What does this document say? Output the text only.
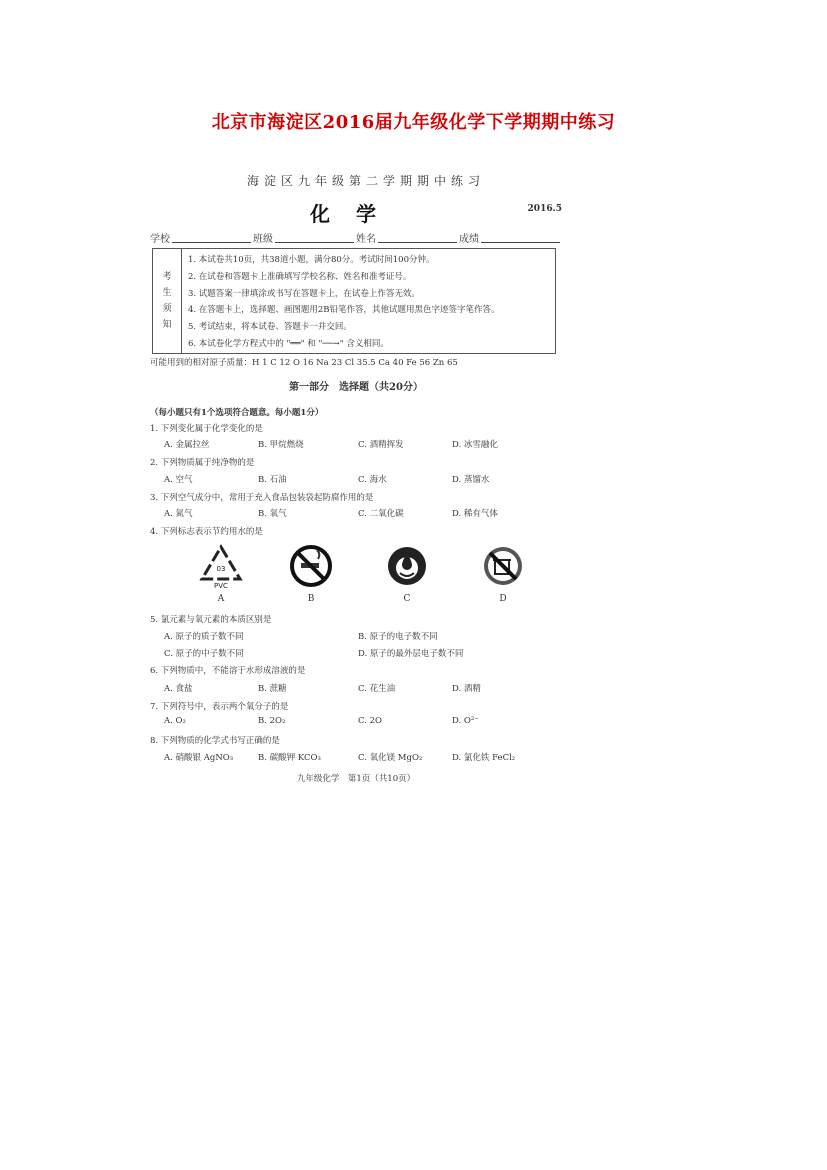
北京市海淀区2016届九年级化学下学期期中练习
海淀区九年级第二学期期中练习
化学	2016.5
学校	班级	姓名	成绩
考
生
须
知
1. 本试卷共10页，共38道小题，满分80分。考试时间100分钟。
2. 在试卷和答题卡上准确填写学校名称、姓名和准考证号。
3. 试题答案一律填涂或书写在答题卡上，在试卷上作答无效。
4. 在答题卡上，选择题、画图题用2B铅笔作答，其他试题用黑色字迹签字笔作答。
5. 考试结束，将本试卷、答题卡一并交回。
6. 本试卷化学方程式中的 "══" 和 "──→" 含义相同。
可能用到的相对原子质量：H 1 C 12 O 16 Na 23 Cl 35.5 Ca 40 Fe 56 Zn 65
第一部分　选择题（共20分）
（每小题只有1个选项符合题意。每小题1分）
1. 下列变化属于化学变化的是
A. 金属拉丝	B. 甲烷燃烧	C. 酒精挥发	D. 冰雪融化
2. 下列物质属于纯净物的是
A. 空气	B. 石油	C. 海水	D. 蒸馏水
3. 下列空气成分中，常用于充入食品包装袋起防腐作用的是
A. 氮气	B. 氧气	C. 二氧化碳	D. 稀有气体
4. 下列标志表示节约用水的是
03
PVC
A	B	C	D
5. 氯元素与氧元素的本质区别是
A. 原子的质子数不同	B. 原子的电子数不同
C. 原子的中子数不同	D. 原子的最外层电子数不同
6. 下列物质中，不能溶于水形成溶液的是
A. 食盐	B. 蔗糖	C. 花生油	D. 酒精
7. 下列符号中，表示两个氧分子的是
A. O₂	B. 2O₂	C. 2O	D. O²⁻
8. 下列物质的化学式书写正确的是
A. 硝酸银 AgNO₃	B. 碳酸钾 KCO₃	C. 氧化镁 MgO₂	D. 氯化铁 FeCl₂
九年级化学　第1页（共10页）
